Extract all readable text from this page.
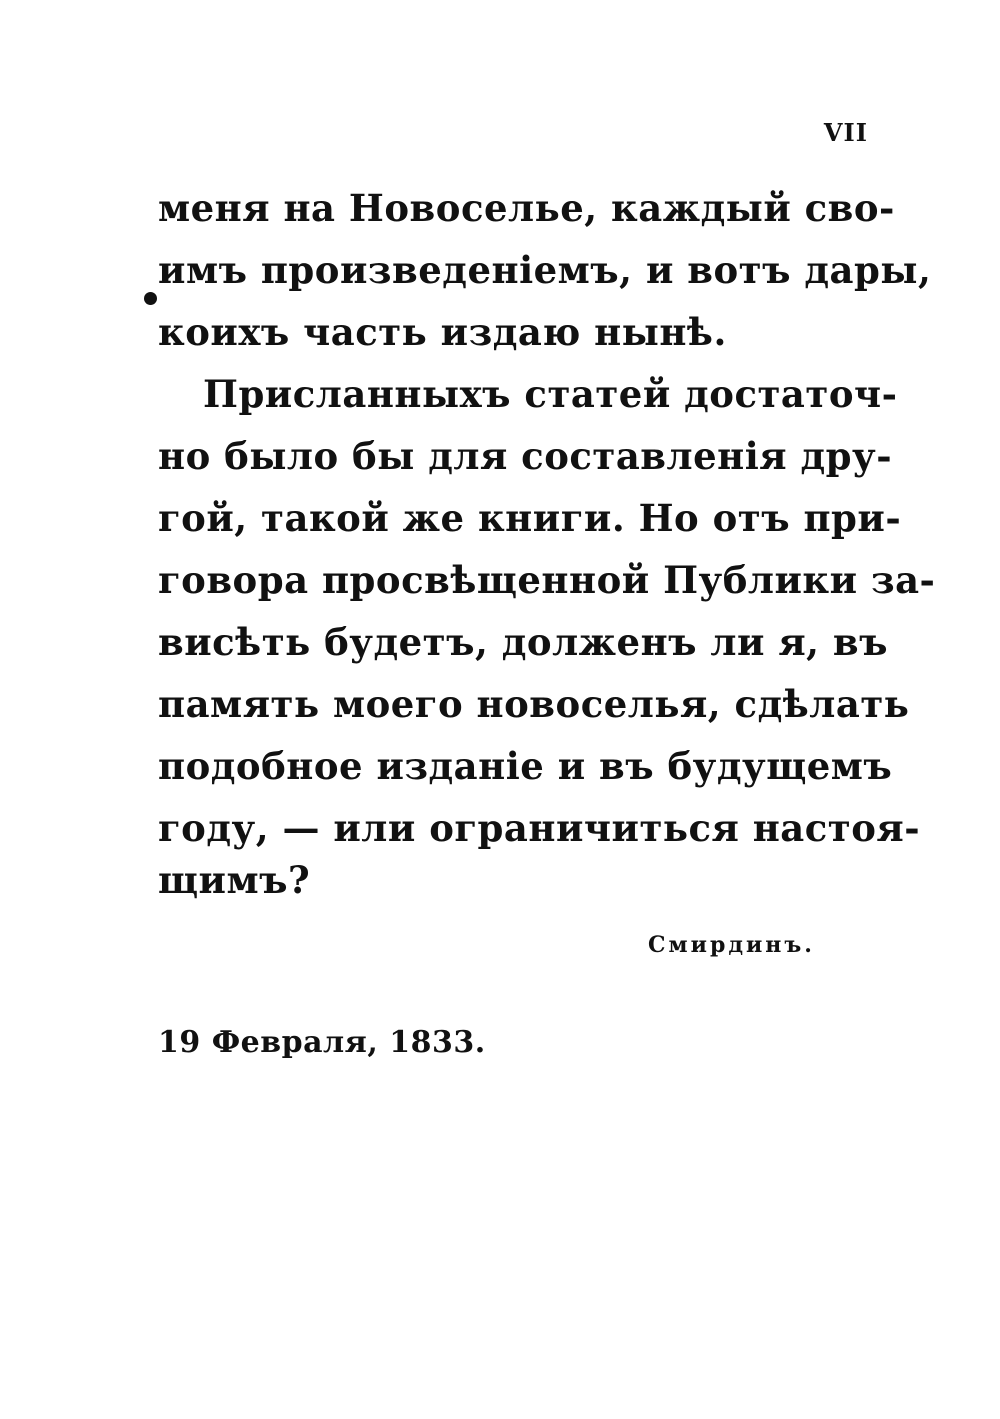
VII
меня на Новоселье, каждый сво-
имъ произведеніемъ, и вотъ дары,
коихъ часть издаю нынѣ.
Присланныхъ статей достаточ-
но было бы для составленія дру-
гой, такой же книги. Но отъ при-
говора просвѣщенной Публики за-
висѣть будетъ, долженъ ли я, въ
память моего новоселья, сдѣлать
подобное изданіе и въ будущемъ
году, — или ограничиться настоя-
щимъ?
Смирдинъ.
19 Февраля, 1833.
